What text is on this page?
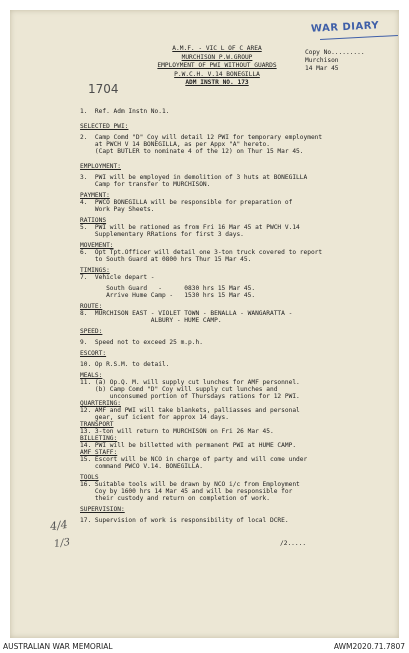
WAR DIARY
1704
A.M.F. - VIC L OF C AREA
MURCHISON P.W.GROUP
EMPLOYMENT OF PWI WITHOUT GUARDS
P.W.C.H. V.14 BONEGILLA
ADM INSTR NO. 173
Copy No.........
Murchison
14 Mar 45
1.  Ref. Adm Instn No.1.
SELECTED PWI:
2.  Camp Comd "D" Coy will detail 12 PWI for temporary employment
at PWCH V 14 BONEGILLA, as per Appx "A" hereto.
(Capt BUTLER to nominate 4 of the 12) on Thur 15 Mar 45.
EMPLOYMENT:
3.  PWI will be employed in demolition of 3 huts at BONEGILLA
Camp for transfer to MURCHISON.
PAYMENT:
4.  PWCO BONEGILLA will be responsible for preparation of
Work Pay Sheets.
RATIONS
5.  PWI will be rationed as from Fri 16 Mar 45 at PWCH V.14
Supplementary RRations for first 3 days.
MOVEMENT:
6.  Opt Tpt.Officer will detail one 3-ton truck covered to report
to South Guard at 0800 hrs Thur 15 Mar 45.
TIMINGS:
7.  Vehicle depart -
South Guard   -      0830 hrs 15 Mar 45.
Arrive Hume Camp -   1530 hrs 15 Mar 45.
ROUTE:
8.  MURCHISON EAST - VIOLET TOWN - BENALLA - WANGARATTA -
ALBURY - HUME CAMP.
SPEED:
9.  Speed not to exceed 25 m.p.h.
ESCORT:
10. Op R.S.M. to detail.
MEALS:
11. (a) Op.Q. M. will supply cut lunches for AMF personnel.
(b) Camp Comd "D" Coy will supply cut lunches and
unconsumed portion of Thursdays rations for 12 PWI.
QUARTERING:
12. AMF and PWI will take blankets, palliasses and personal
gear, suf icient for approx 14 days.
TRANSPORT
13. 3-ton will return to MURCHISON on Fri 26 Mar 45.
BILLETING:
14. PWI will be billetted with permanent PWI at HUME CAMP.
AMF STAFF:
15. Escort will be NCO in charge of party and will come under
command PWCO V.14. BONEGILLA.
TOOLS
16. Suitable tools will be drawn by NCO i/c from Employment
Coy by 1600 hrs 14 Mar 45 and will be responsible for
their custody and return on completion of work.
SUPERVISION:
17. Supervision of work is responsibility of local DCRE.
/2.....
4/4
1/3
AUSTRALIAN WAR MEMORIAL	AWM2020.71.7807
